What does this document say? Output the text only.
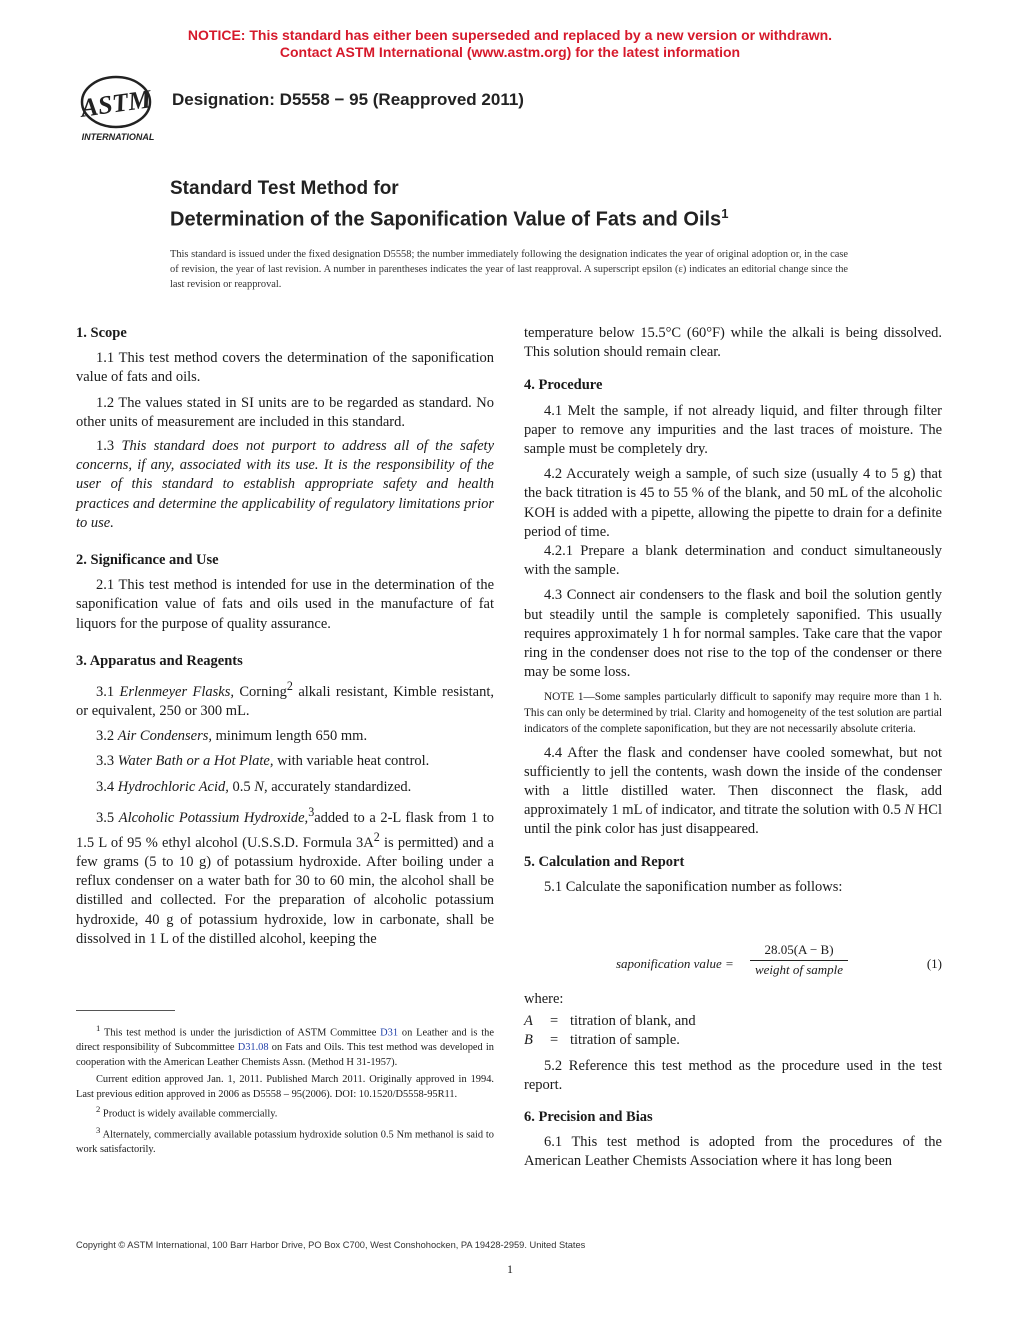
NOTICE: This standard has either been superseded and replaced by a new version or withdrawn.
Contact ASTM International (www.astm.org) for the latest information
ASTM
INTERNATIONAL
Designation: D5558 − 95 (Reapproved 2011)
Standard Test Method for
Determination of the Saponification Value of Fats and Oils$^1$
This standard is issued under the fixed designation D5558; the number immediately following the designation indicates the year of original adoption or, in the case of revision, the year of last revision. A number in parentheses indicates the year of last reapproval. A superscript epsilon (ε) indicates an editorial change since the last revision or reapproval.

1. Scope

1.1 This test method covers the determination of the saponification value of fats and oils.

1.2 The values stated in SI units are to be regarded as standard. No other units of measurement are included in this standard.

1.3 This standard does not purport to address all of the safety concerns, if any, associated with its use. It is the responsibility of the user of this standard to establish appropriate safety and health practices and determine the applicability of regulatory limitations prior to use.

2. Significance and Use

2.1 This test method is intended for use in the determination of the saponification value of fats and oils used in the manufacture of fat liquors for the purpose of quality assurance.

3. Apparatus and Reagents

3.1 Erlenmeyer Flasks, Corning$^2$ alkali resistant, Kimble resistant, or equivalent, 250 or 300 mL.

3.2 Air Condensers, minimum length 650 mm.

3.3 Water Bath or a Hot Plate, with variable heat control.

3.4 Hydrochloric Acid, 0.5 N, accurately standardized.

3.5 Alcoholic Potassium Hydroxide,$^3$added to a 2-L flask from 1 to 1.5 L of 95 % ethyl alcohol (U.S.S.D. Formula $3A^2$ is permitted) and a few grams (5 to 10 g) of potassium hydroxide. After boiling under a reflux condenser on a water bath for 30 to 60 min, the alcohol shall be distilled and collected. For the preparation of alcoholic potassium hydroxide, 40 g of potassium hydroxide, low in carbonate, shall be dissolved in 1 L of the distilled alcohol, keeping the

$^1$ This test method is under the jurisdiction of ASTM Committee D31 on Leather and is the direct responsibility of Subcommittee D31.08 on Fats and Oils. This test method was developed in cooperation with the American Leather Chemists Assn. (Method H 31-1957).

Current edition approved Jan. 1, 2011. Published March 2011. Originally approved in 1994. Last previous edition approved in 2006 as D5558 – 95(2006). DOI: 10.1520/D5558-95R11.

$^2$ Product is widely available commercially.

$^3$ Alternately, commercially available potassium hydroxide solution 0.5 Nm methanol is said to work satisfactorily.

temperature below 15.5°C (60°F) while the alkali is being dissolved. This solution should remain clear.

4. Procedure

4.1 Melt the sample, if not already liquid, and filter through filter paper to remove any impurities and the last traces of moisture. The sample must be completely dry.

4.2 Accurately weigh a sample, of such size (usually 4 to 5 g) that the back titration is 45 to 55 % of the blank, and 50 mL of the alcoholic KOH is added with a pipette, allowing the pipette to drain for a definite period of time.

4.2.1 Prepare a blank determination and conduct simultaneously with the sample.

4.3 Connect air condensers to the flask and boil the solution gently but steadily until the sample is completely saponified. This usually requires approximately 1 h for normal samples. Take care that the vapor ring in the condenser does not rise to the top of the condenser or there may be some loss.

NOTE 1—Some samples particularly difficult to saponify may require more than 1 h. This can only be determined by trial. Clarity and homogeneity of the test solution are partial indicators of the complete saponification, but they are not necessarily absolute criteria.

4.4 After the flask and condenser have cooled somewhat, but not sufficiently to jell the contents, wash down the inside of the condenser with a little distilled water. Then disconnect the flask, add approximately 1 mL of indicator, and titrate the solution with 0.5 N HCl until the pink color has just disappeared.

5. Calculation and Report

5.1 Calculate the saponification number as follows:

saponification value =
28.05(A − B)
weight of sample	(1)

where:

A = titration of blank, and

B = titration of sample.

5.2 Reference this test method as the procedure used in the test report.

6. Precision and Bias

6.1 This test method is adopted from the procedures of the American Leather Chemists Association where it has long been

Copyright © ASTM International, 100 Barr Harbor Drive, PO Box C700, West Conshohocken, PA 19428-2959. United States
1
